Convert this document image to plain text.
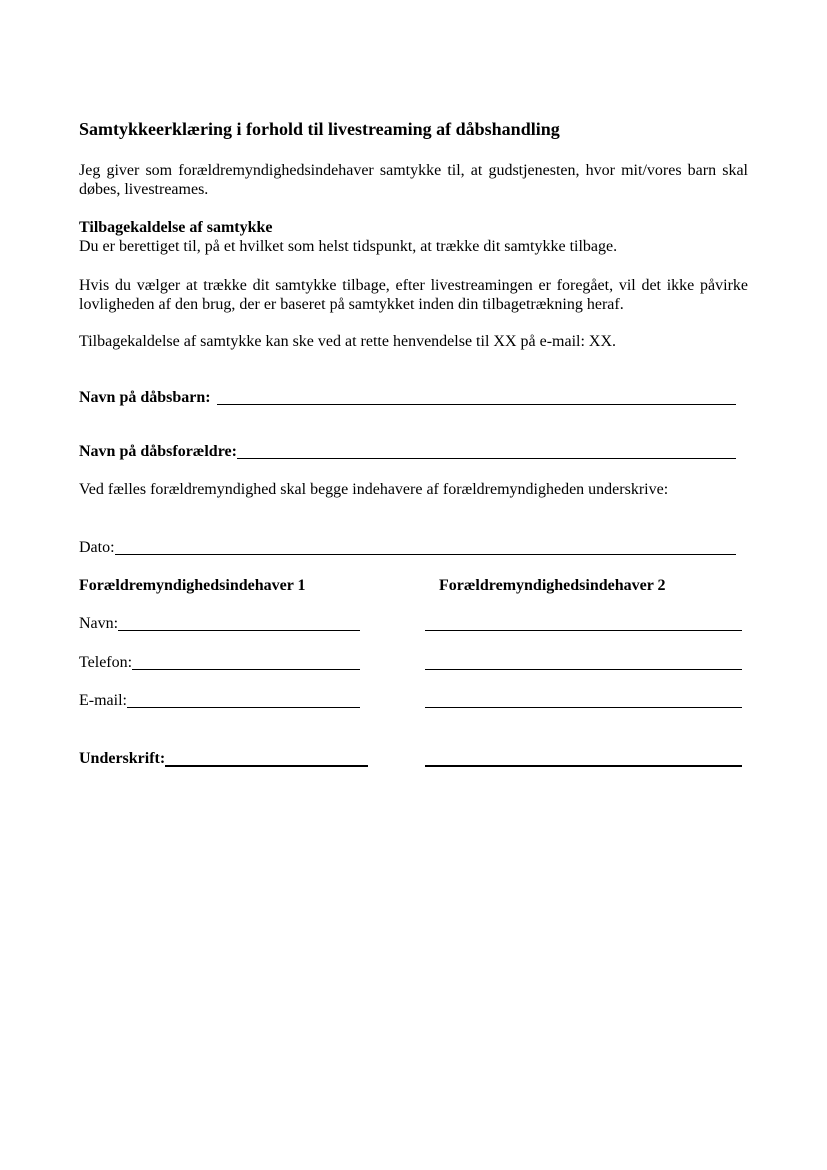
Samtykkeerklæring i forhold til livestreaming af dåbshandling

Jeg giver som forældremyndighedsindehaver samtykke til, at gudstjenesten, hvor mit/vores barn skal døbes, livestreames.

Tilbagekaldelse af samtykke
Du er berettiget til, på et hvilket som helst tidspunkt, at trække dit samtykke tilbage.

Hvis du vælger at trække dit samtykke tilbage, efter livestreamingen er foregået, vil det ikke påvirke lovligheden af den brug, der er baseret på samtykket inden din tilbagetrækning heraf.

Tilbagekaldelse af samtykke kan ske ved at rette henvendelse til XX på e-mail: XX.

Navn på dåbsbarn:
Navn på dåbsforældre:

Ved fælles forældremyndighed skal begge indehavere af forældremyndigheden underskrive:

Dato:
Forældremyndighedsindehaver 1	Forældremyndighedsindehaver 2
Navn:
Telefon:
E-mail:
Underskrift:
